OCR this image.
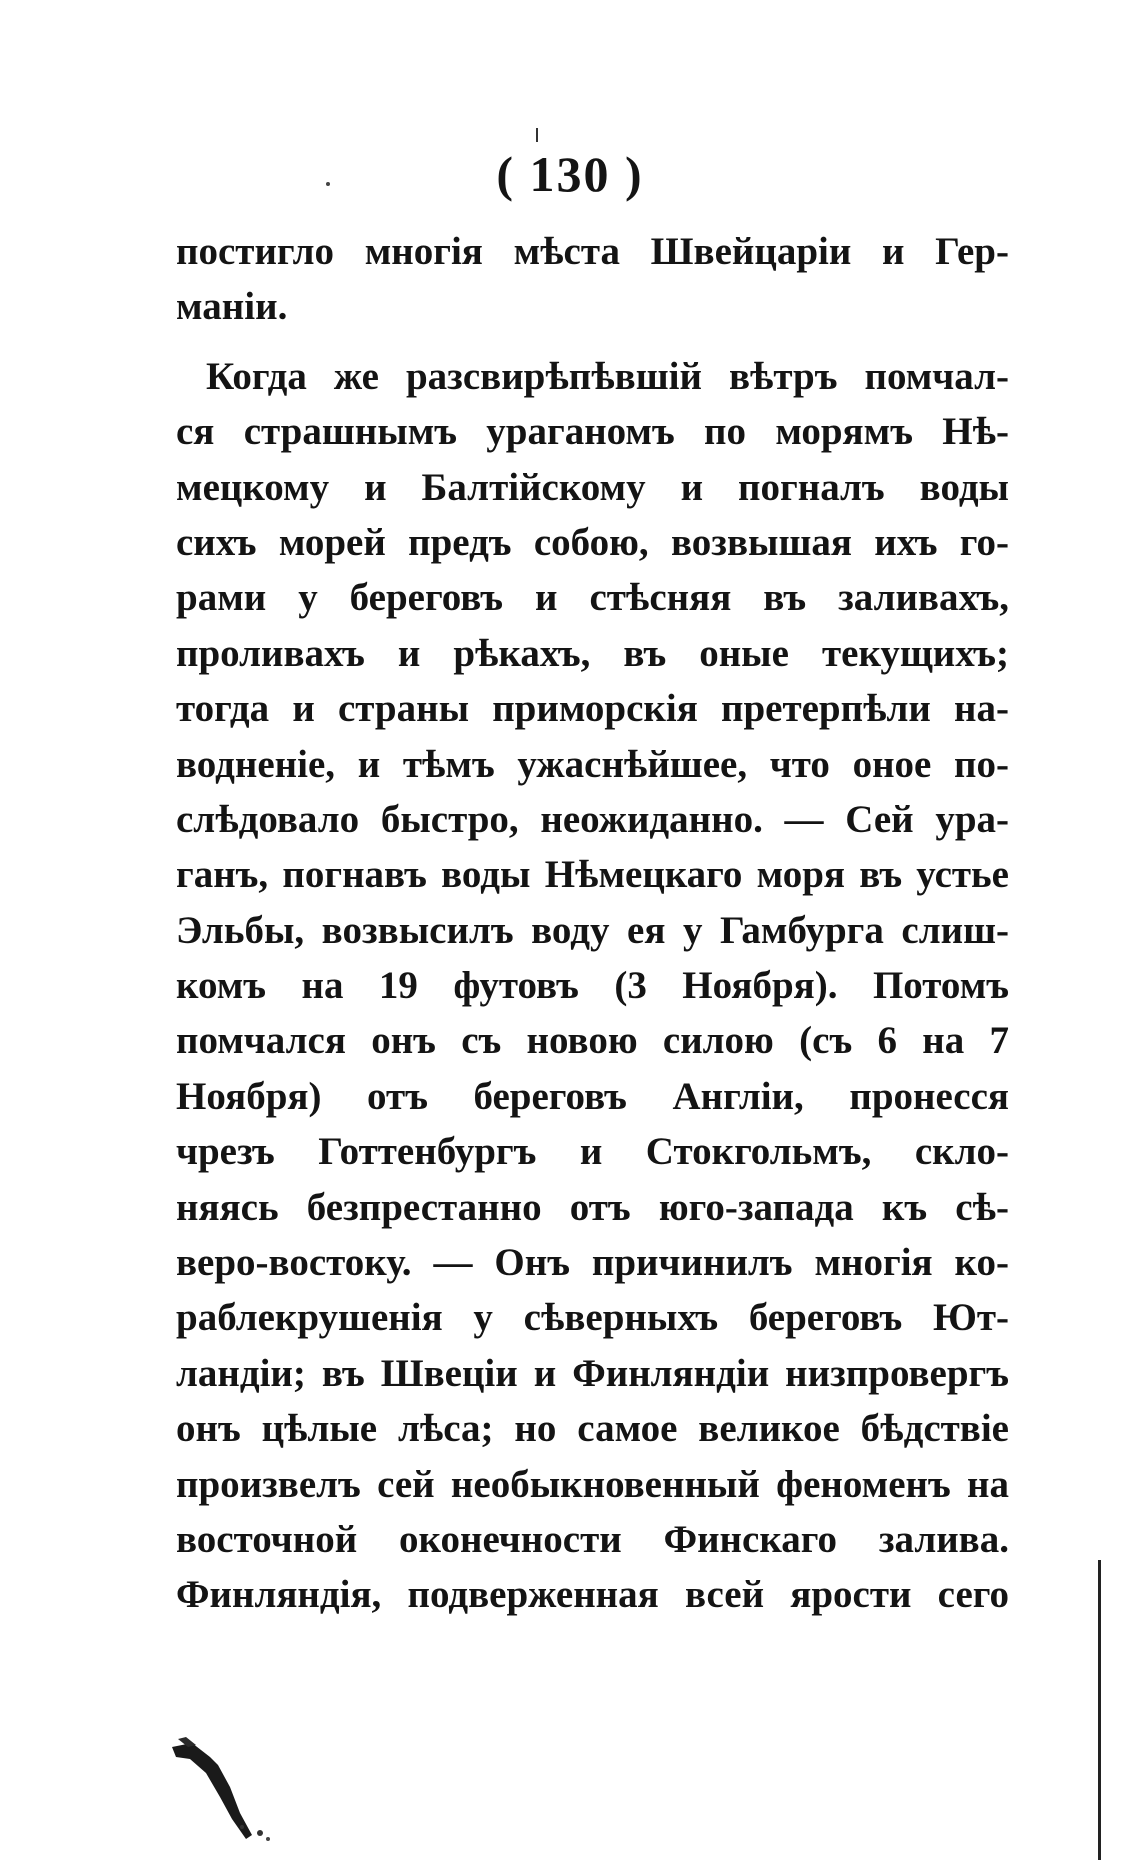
( 130 )
постигло многія мѣста Швейцаріи и Гер-
маніи.
Когда же разсвирѣпѣвшій вѣтръ помчал-
ся страшнымъ ураганомъ по морямъ Нѣ-
мецкому и Балтійскому и погналъ воды
сихъ морей предъ собою, возвышая ихъ го-
рами у береговъ и стѣсняя въ заливахъ,
проливахъ и рѣкахъ, въ оные текущихъ;
тогда и страны приморскія претерпѣли на-
водненіе, и тѣмъ ужаснѣйшее, что оное по-
слѣдовало быстро, неожиданно. — Сей ура-
ганъ, погнавъ воды Нѣмецкаго моря въ устье
Эльбы, возвысилъ воду ея у Гамбурга слиш-
комъ на 19 футовъ (3 Ноября). Потомъ
помчался онъ съ новою силою (съ 6 на 7
Ноября) отъ береговъ Англіи, пронесся
чрезъ Готтенбургъ и Стокгольмъ, скло-
няясь безпрестанно отъ юго-запада къ сѣ-
веро-востоку. — Онъ причинилъ многія ко-
раблекрушенія у сѣверныхъ береговъ Ют-
ландіи; въ Швеціи и Финляндіи низпровергъ
онъ цѣлые лѣса; но самое великое бѣдствіе
произвелъ сей необыкновенный феноменъ на
восточной оконечности Финскаго залива.
Финляндія, подверженная всей ярости сего
